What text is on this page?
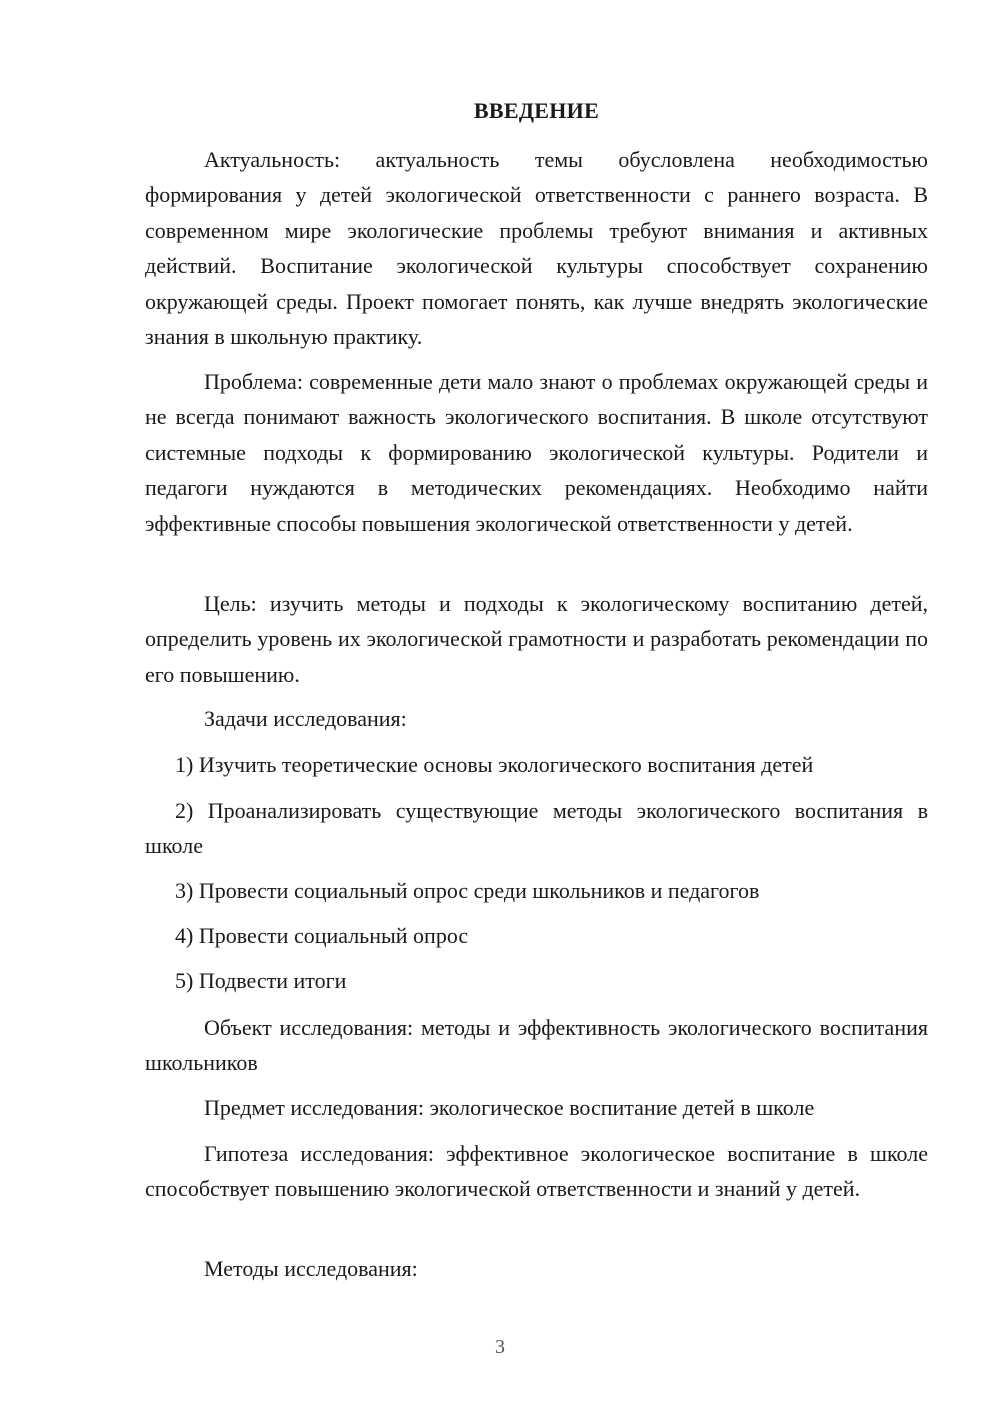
ВВЕДЕНИЕ

Актуальность: актуальность темы обусловлена необходимостью формирования у детей экологической ответственности с раннего возраста. В современном мире экологические проблемы требуют внимания и активных действий. Воспитание экологической культуры способствует сохранению окружающей среды. Проект помогает понять, как лучше внедрять экологические знания в школьную практику.

Проблема: современные дети мало знают о проблемах окружающей среды и не всегда понимают важность экологического воспитания. В школе отсутствуют системные подходы к формированию экологической культуры. Родители и педагоги нуждаются в методических рекомендациях. Необходимо найти эффективные способы повышения экологической ответственности у детей.

Цель: изучить методы и подходы к экологическому воспитанию детей, определить уровень их экологической грамотности и разработать рекомендации по его повышению.

Задачи исследования:

1) Изучить теоретические основы экологического воспитания детей

2) Проанализировать существующие методы экологического воспитания в школе

3) Провести социальный опрос среди школьников и педагогов

4) Провести социальный опрос

5) Подвести итоги

Объект исследования: методы и эффективность экологического воспитания школьников

Предмет исследования: экологическое воспитание детей в школе

Гипотеза исследования: эффективное экологическое воспитание в школе способствует повышению экологической ответственности и знаний у детей.

Методы исследования:

3
